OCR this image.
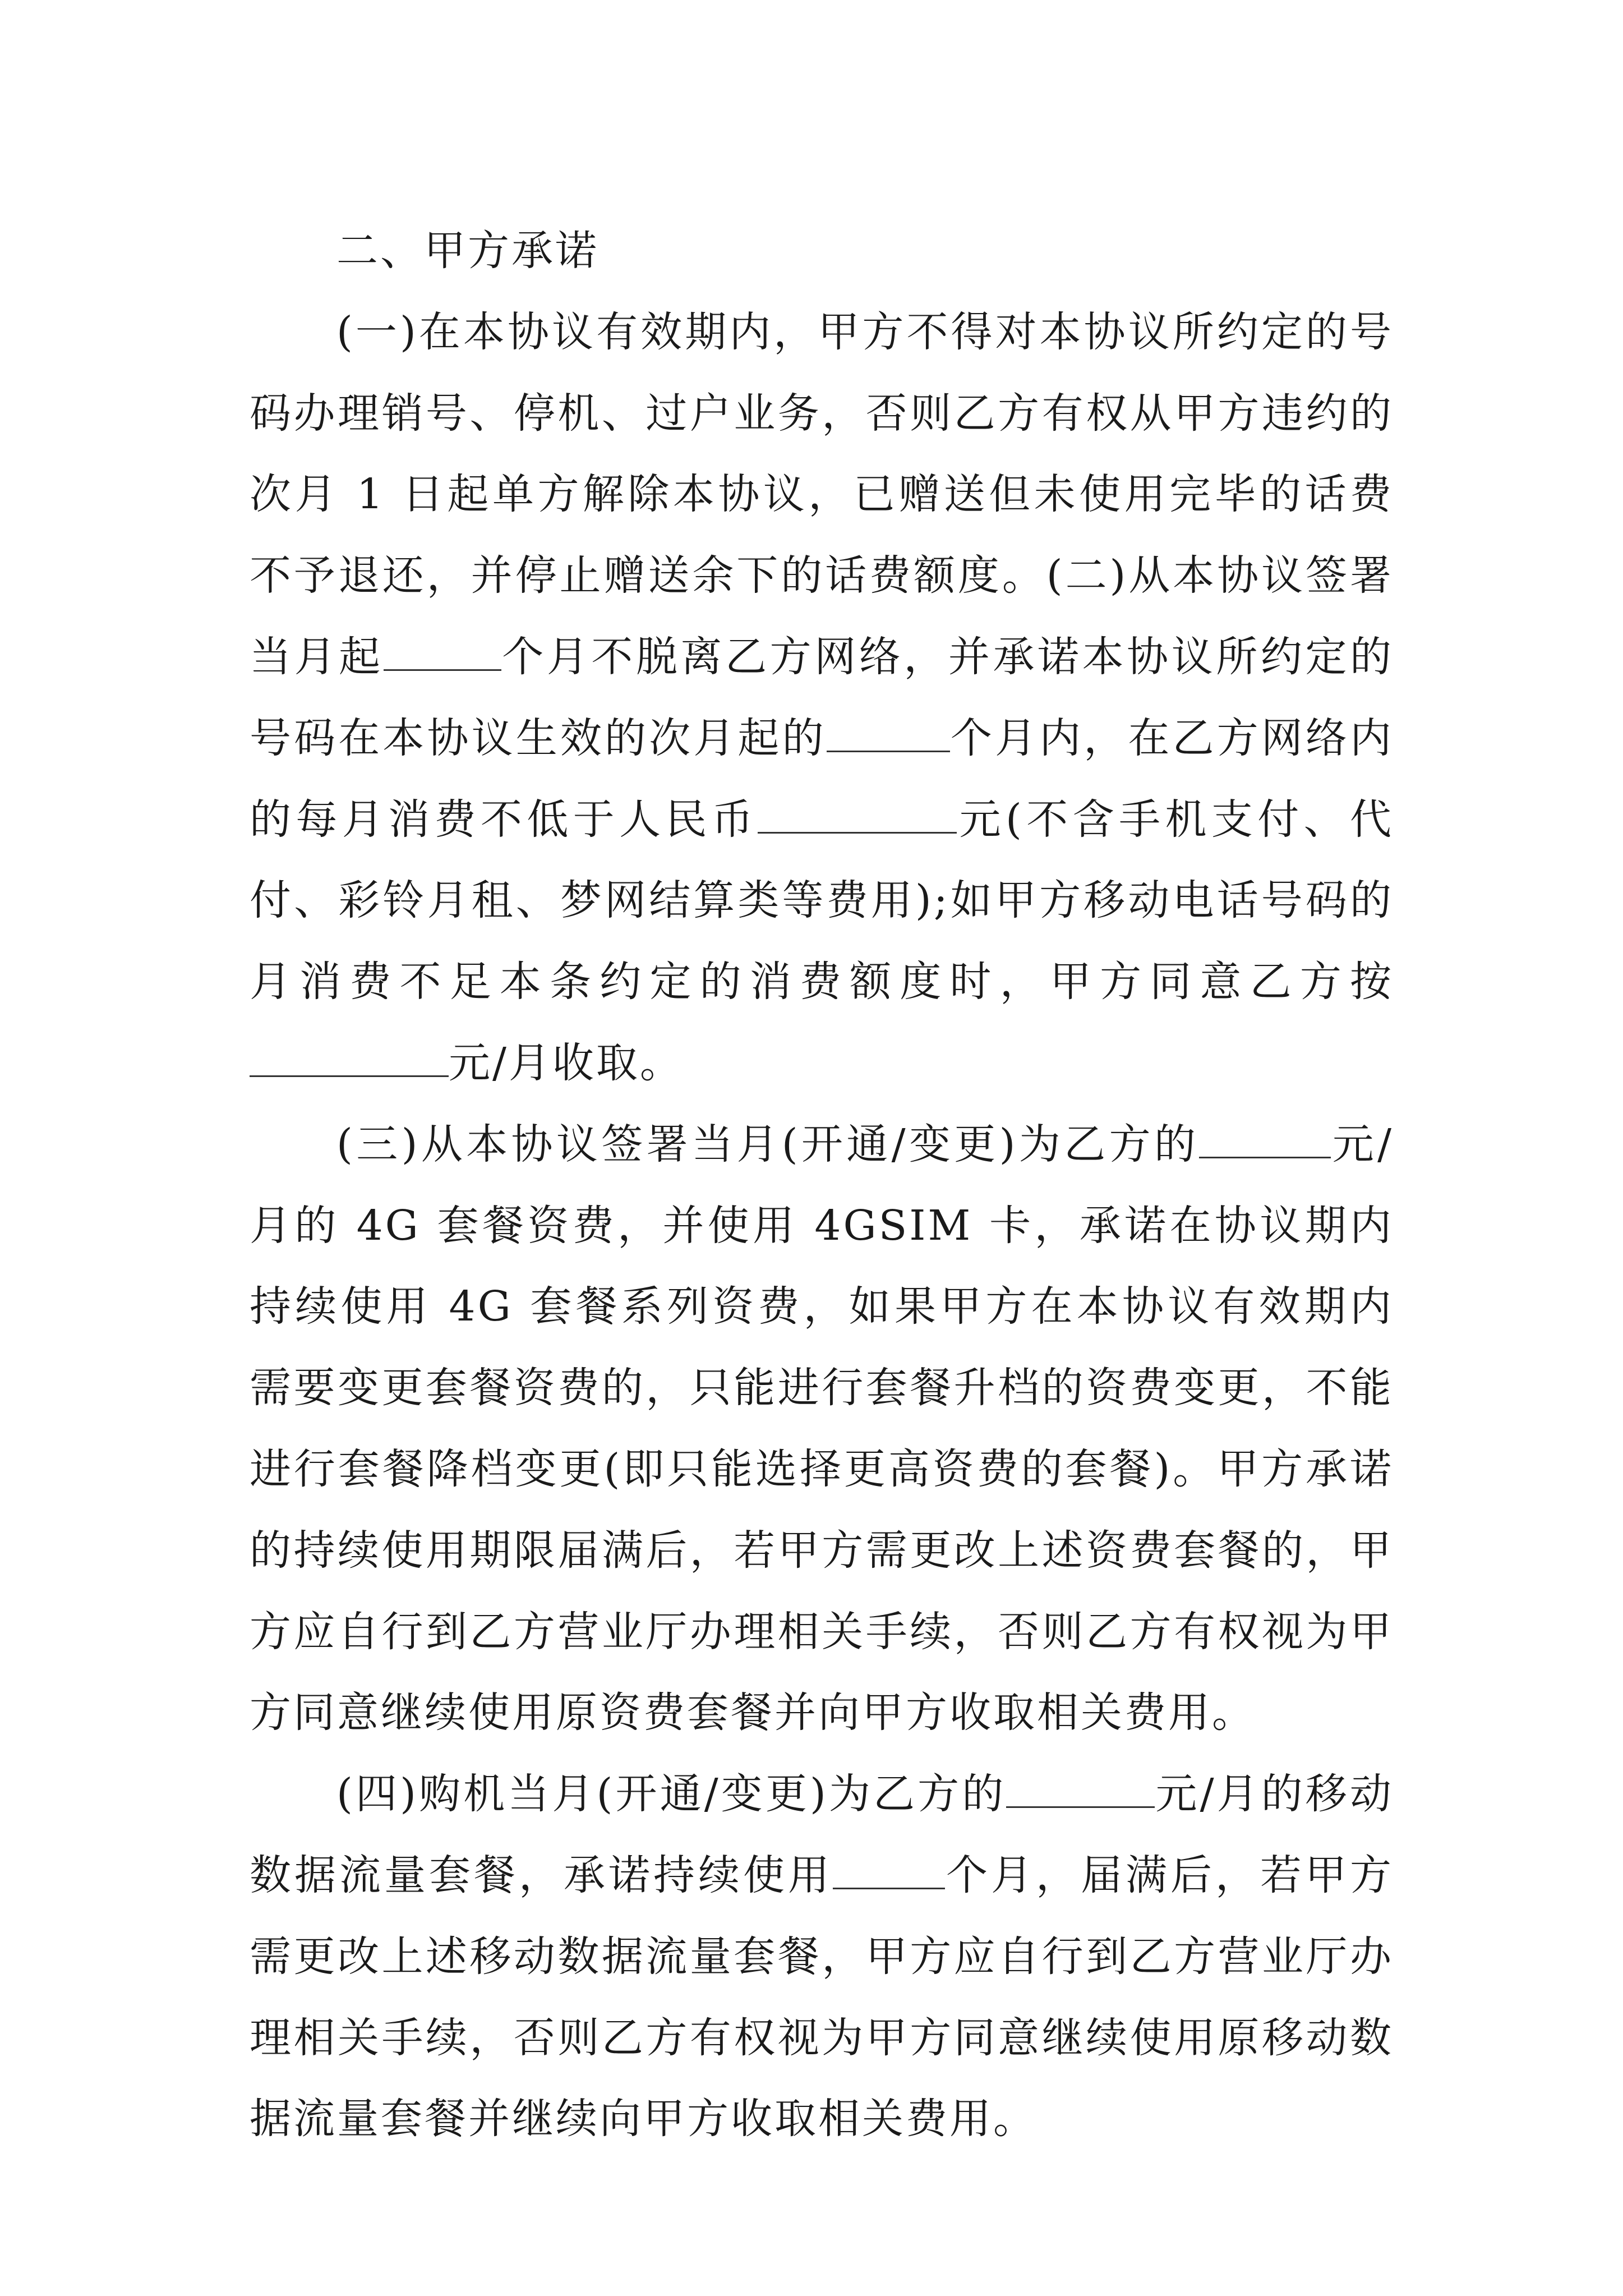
二、甲方承诺

(一)在本协议有效期内，甲方不得对本协议所约定的号码办理销号、停机、过户业务，否则乙方有权从甲方违约的次月 1 日起单方解除本协议，已赠送但未使用完毕的话费不予退还，并停止赠送余下的话费额度。(二)从本协议签署当月起	个月不脱离乙方网络，并承诺本协议所约定的号码在本协议生效的次月起的	个月内，在乙方网络内的每月消费不低于人民币	元(不含手机支付、代付、彩铃月租、梦网结算类等费用);如甲方移动电话号码的月消费不足本条约定的消费额度时，甲方同意乙方按元/月收取。

(三)从本协议签署当月(开通/变更)为乙方的	元/月的 4G 套餐资费，并使用 4GSIM 卡，承诺在协议期内持续使用 4G 套餐系列资费，如果甲方在本协议有效期内需要变更套餐资费的，只能进行套餐升档的资费变更，不能进行套餐降档变更(即只能选择更高资费的套餐)。甲方承诺的持续使用期限届满后，若甲方需更改上述资费套餐的，甲方应自行到乙方营业厅办理相关手续，否则乙方有权视为甲方同意继续使用原资费套餐并向甲方收取相关费用。

(四)购机当月(开通/变更)为乙方的	元/月的移动数据流量套餐，承诺持续使用	个月，届满后，若甲方需更改上述移动数据流量套餐，甲方应自行到乙方营业厅办理相关手续，否则乙方有权视为甲方同意继续使用原移动数据流量套餐并继续向甲方收取相关费用。
